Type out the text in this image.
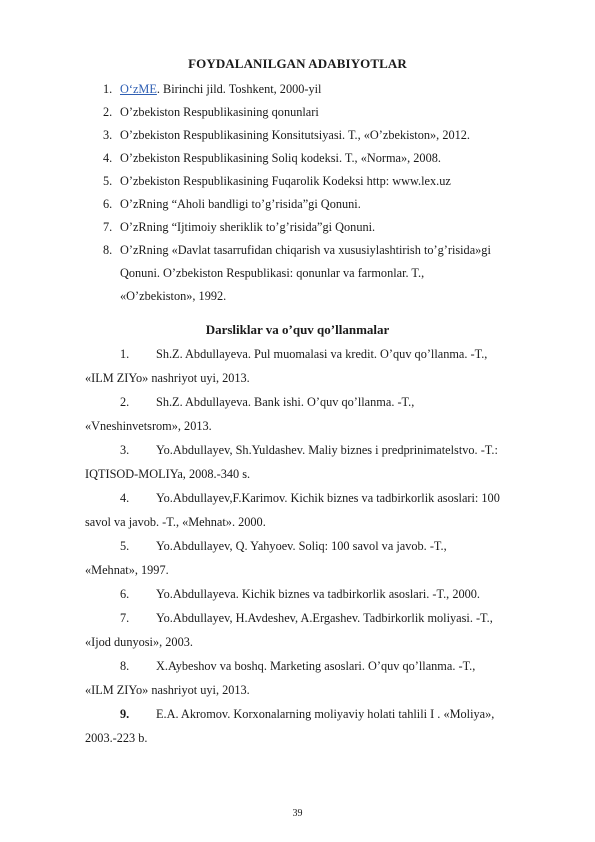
FOYDALANILGAN ADABIYOTLAR
1. O‘zME. Birinchi jild. Toshkent, 2000-yil
2. O’zbekiston Respublikasining qonunlari
3. O’zbekiston Respublikasining Konsitutsiyasi. T., «O’zbekiston», 2012.
4. O’zbekiston Respublikasining Soliq kodeksi. T., «Norma», 2008.
5. O’zbekiston Respublikasining Fuqarolik Kodeksi http: www.lex.uz
6. O’zRning “Aholi bandligi to’g’risida”gi Qonuni.
7. O’zRning “Ijtimoiy sheriklik to’g’risida”gi Qonuni.
8. O’zRning «Davlat tasarrufidan chiqarish va xususiylashtirish to’g’risida»gi
Qonuni. O’zbekiston Respublikasi: qonunlar va farmonlar. T.,
«O’zbekiston», 1992.
Darsliklar va o’quv qo’llanmalar
1. Sh.Z. Abdullayeva. Pul muomalasi va kredit. O’quv qo’llanma. -T.,
«ILM ZIYo» nashriyot uyi, 2013.
2. Sh.Z. Abdullayeva. Bank ishi. O’quv qo’llanma. -T.,
«Vneshinvetsrom», 2013.
3. Yo.Abdullayev, Sh.Yuldashev. Maliy biznes i predprinimatelstvo. -T.:
IQTISOD-MOLIYa, 2008.-340 s.
4. Yo.Abdullayev,F.Karimov. Kichik biznes va tadbirkorlik asoslari: 100
savol va javob. -T., «Mehnat». 2000.
5. Yo.Abdullayev, Q. Yahyoev. Soliq: 100 savol va javob. -T.,
«Mehnat», 1997.
6. Yo.Abdullayeva. Kichik biznes va tadbirkorlik asoslari. -T., 2000.
7. Yo.Abdullayev, H.Avdeshev, A.Ergashev. Tadbirkorlik moliyasi. -T.,
«Ijod dunyosi», 2003.
8. X.Aybeshov va boshq. Marketing asoslari. O’quv qo’llanma. -T.,
«ILM ZIYo» nashriyot uyi, 2013.
9. E.A. Akromov. Korxonalarning moliyaviy holati tahlili I . «Moliya»,
2003.-223 b.
39
